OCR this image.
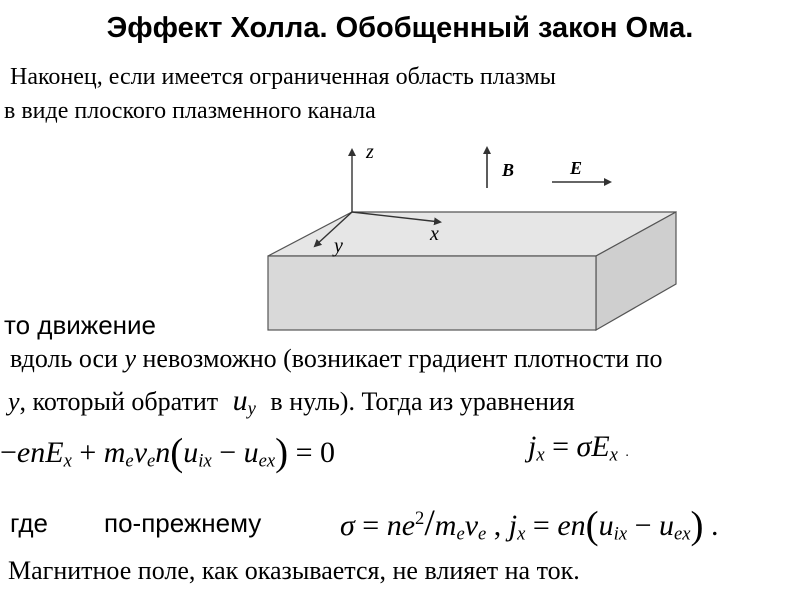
Эффект Холла. Обобщенный закон Ома.
Наконец, если имеется ограниченная область плазмы
в виде плоского плазменного канала
z
x
y
B	E
то движение
вдоль оси y невозможно (возникает градиент плотности по
y, который обратит $u_y$ в нуль). Тогда из уравнения
$-enE_x + m_e\nu_en(u_{ix} - u_{ex}) = 0$	$j_x = \sigma E_x$ .
где по-прежнему	$\sigma = ne^2/m_e\nu_e$ , $j_x = en(u_{ix} - u_{ex})$ .
Магнитное поле, как оказывается, не влияет на ток.
